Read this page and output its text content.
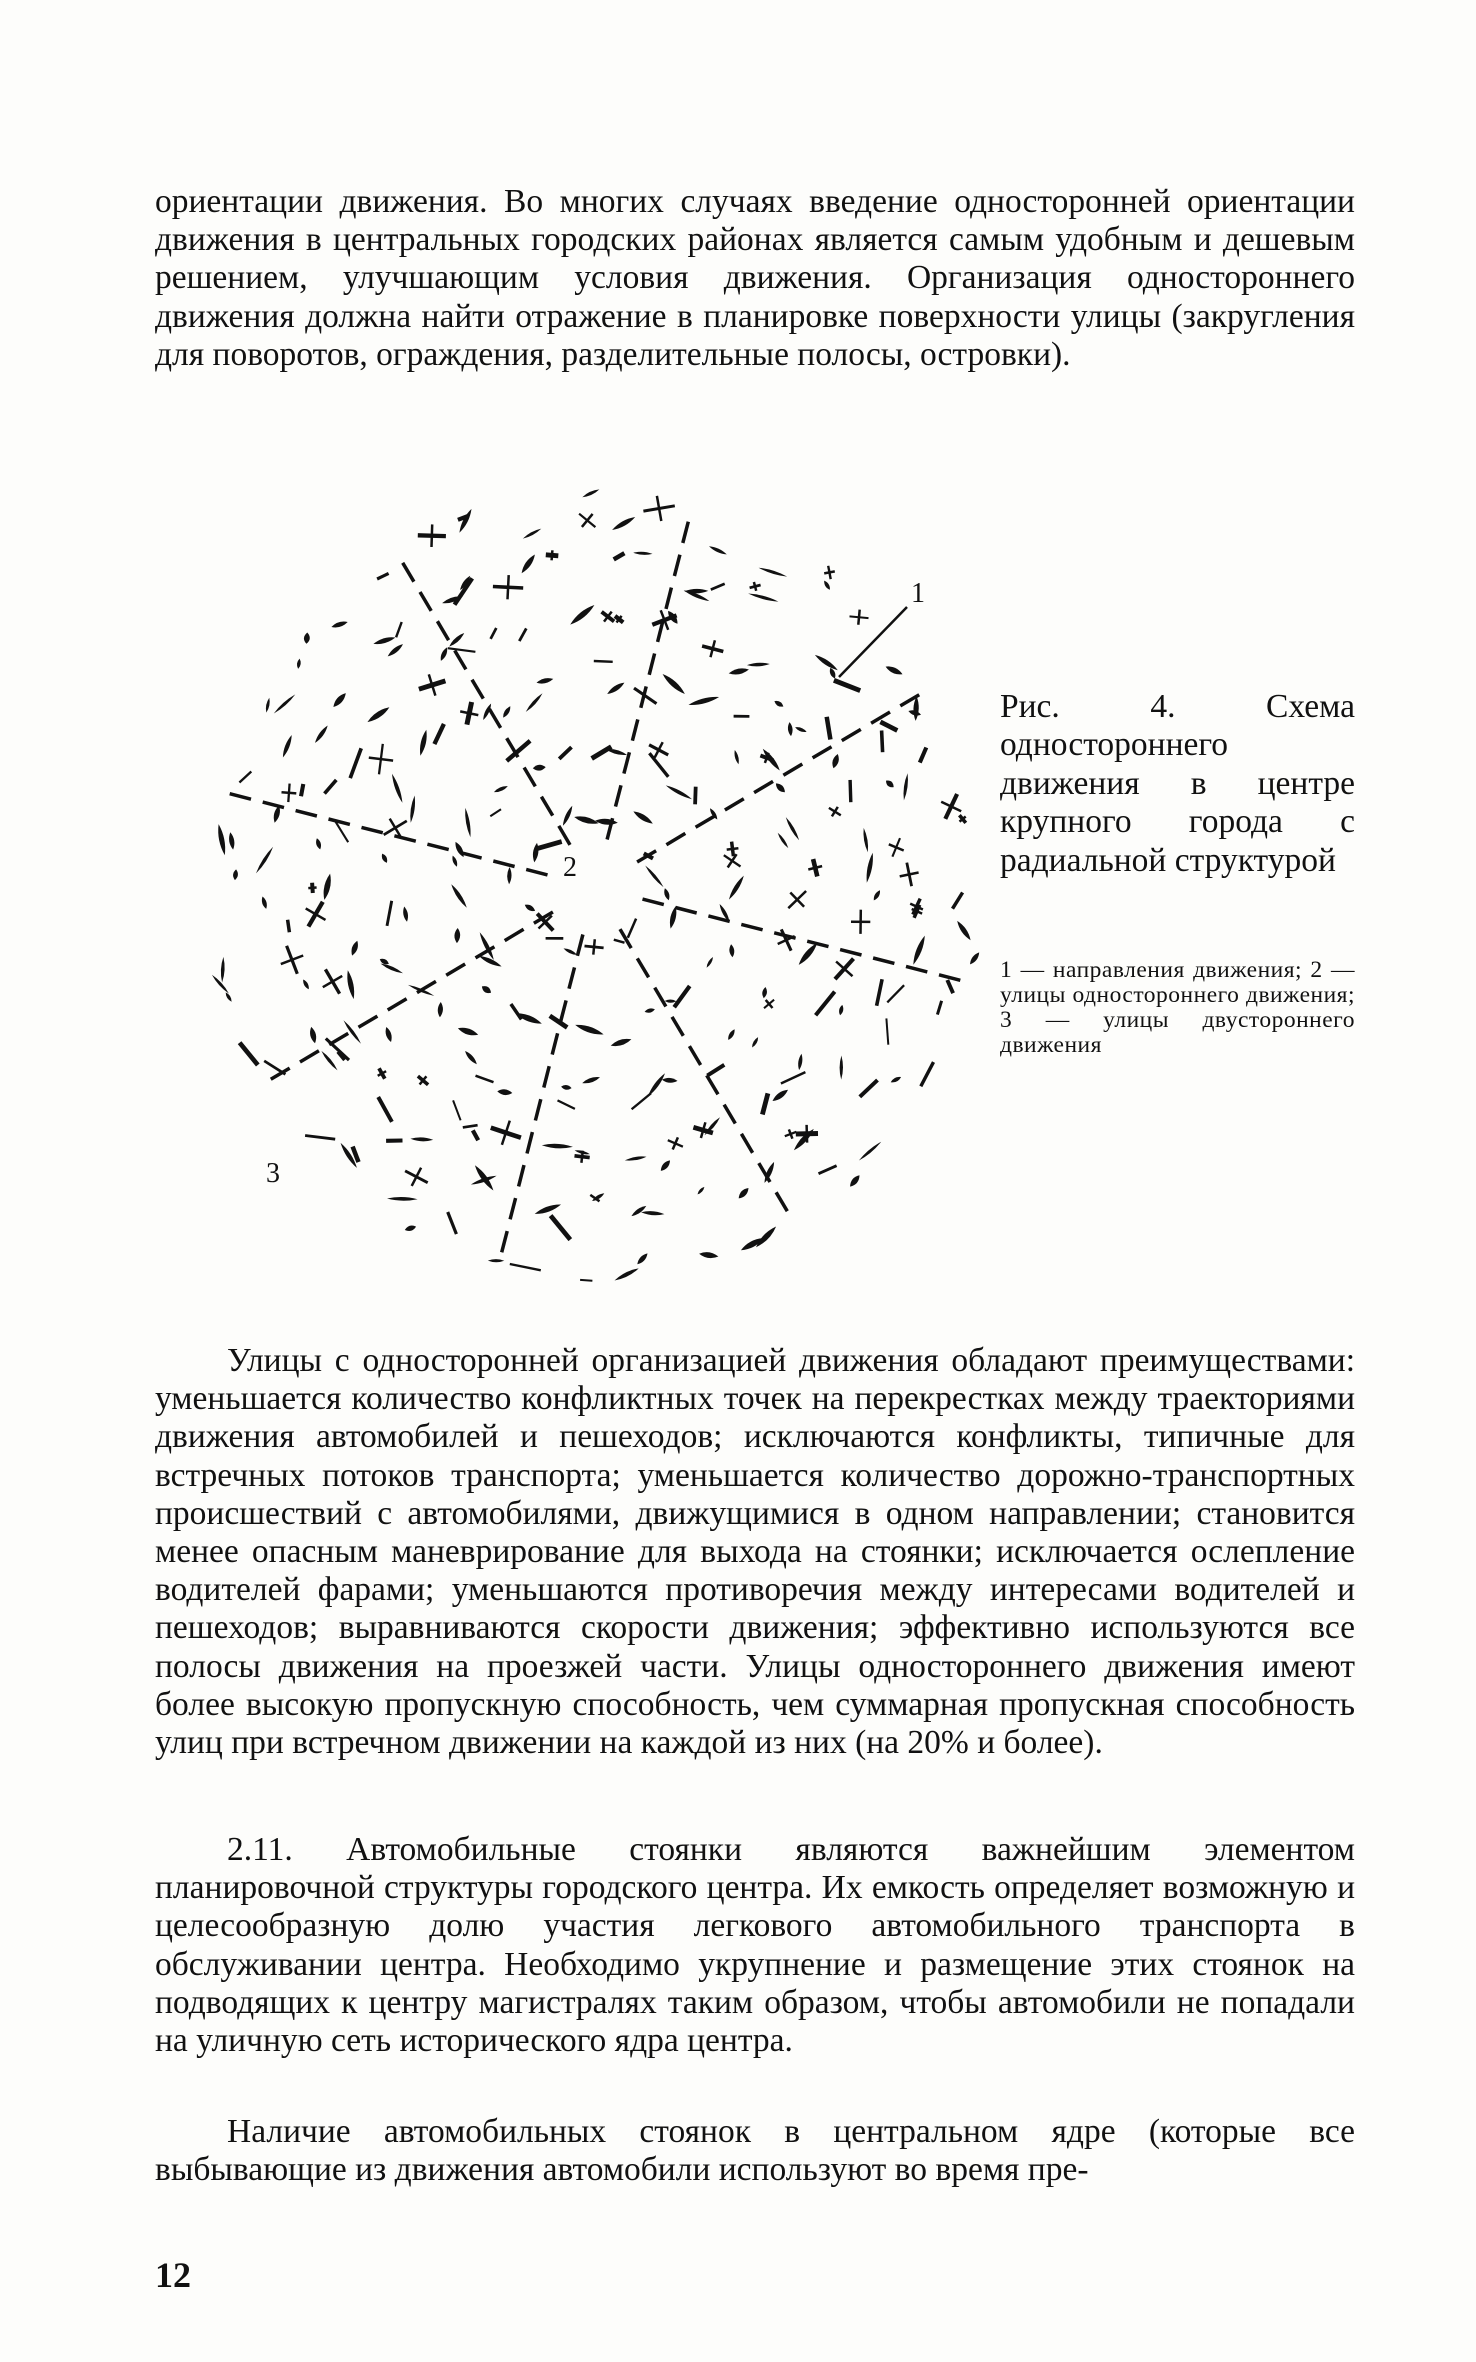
ориентации движения. Во многих случаях введение односторонней ориентации движения в центральных городских районах является самым удобным и дешевым решением, улучшающим условия движения. Организация одностороннего движения должна найти отражение в планировке поверхности улицы (закругления для поворотов, ограждения, разделительные полосы, островки).

1
2
3

Рис. 4. Схема одностороннего движения в центре крупного города с радиальной структурой

1 — направления движения; 2 — улицы одностороннего движения; 3 — улицы двустороннего движения

Улицы с односторонней организацией движения обладают преимуществами: уменьшается количество конфликтных точек на перекрестках между траекториями движения автомобилей и пешеходов; исключаются конфликты, типичные для встречных потоков транспорта; уменьшается количество дорожно-транспортных происшествий с автомобилями, движущимися в одном направлении; становится менее опасным маневрирование для выхода на стоянки; исключается ослепление водителей фарами; уменьшаются противоречия между интересами водителей и пешеходов; выравниваются скорости движения; эффективно используются все полосы движения на проезжей части. Улицы одностороннего движения имеют более высокую пропускную способность, чем суммарная пропускная способность улиц при встречном движении на каждой из них (на 20% и более).

2.11. Автомобильные стоянки являются важнейшим элементом планировочной структуры городского центра. Их емкость определяет возможную и целесообразную долю участия легкового автомобильного транспорта в обслуживании центра. Необходимо укрупнение и размещение этих стоянок на подводящих к центру магистралях таким образом, чтобы автомобили не попадали на уличную сеть исторического ядра центра.

Наличие автомобильных стоянок в центральном ядре (которые все выбывающие из движения автомобили используют во время пре-

12
